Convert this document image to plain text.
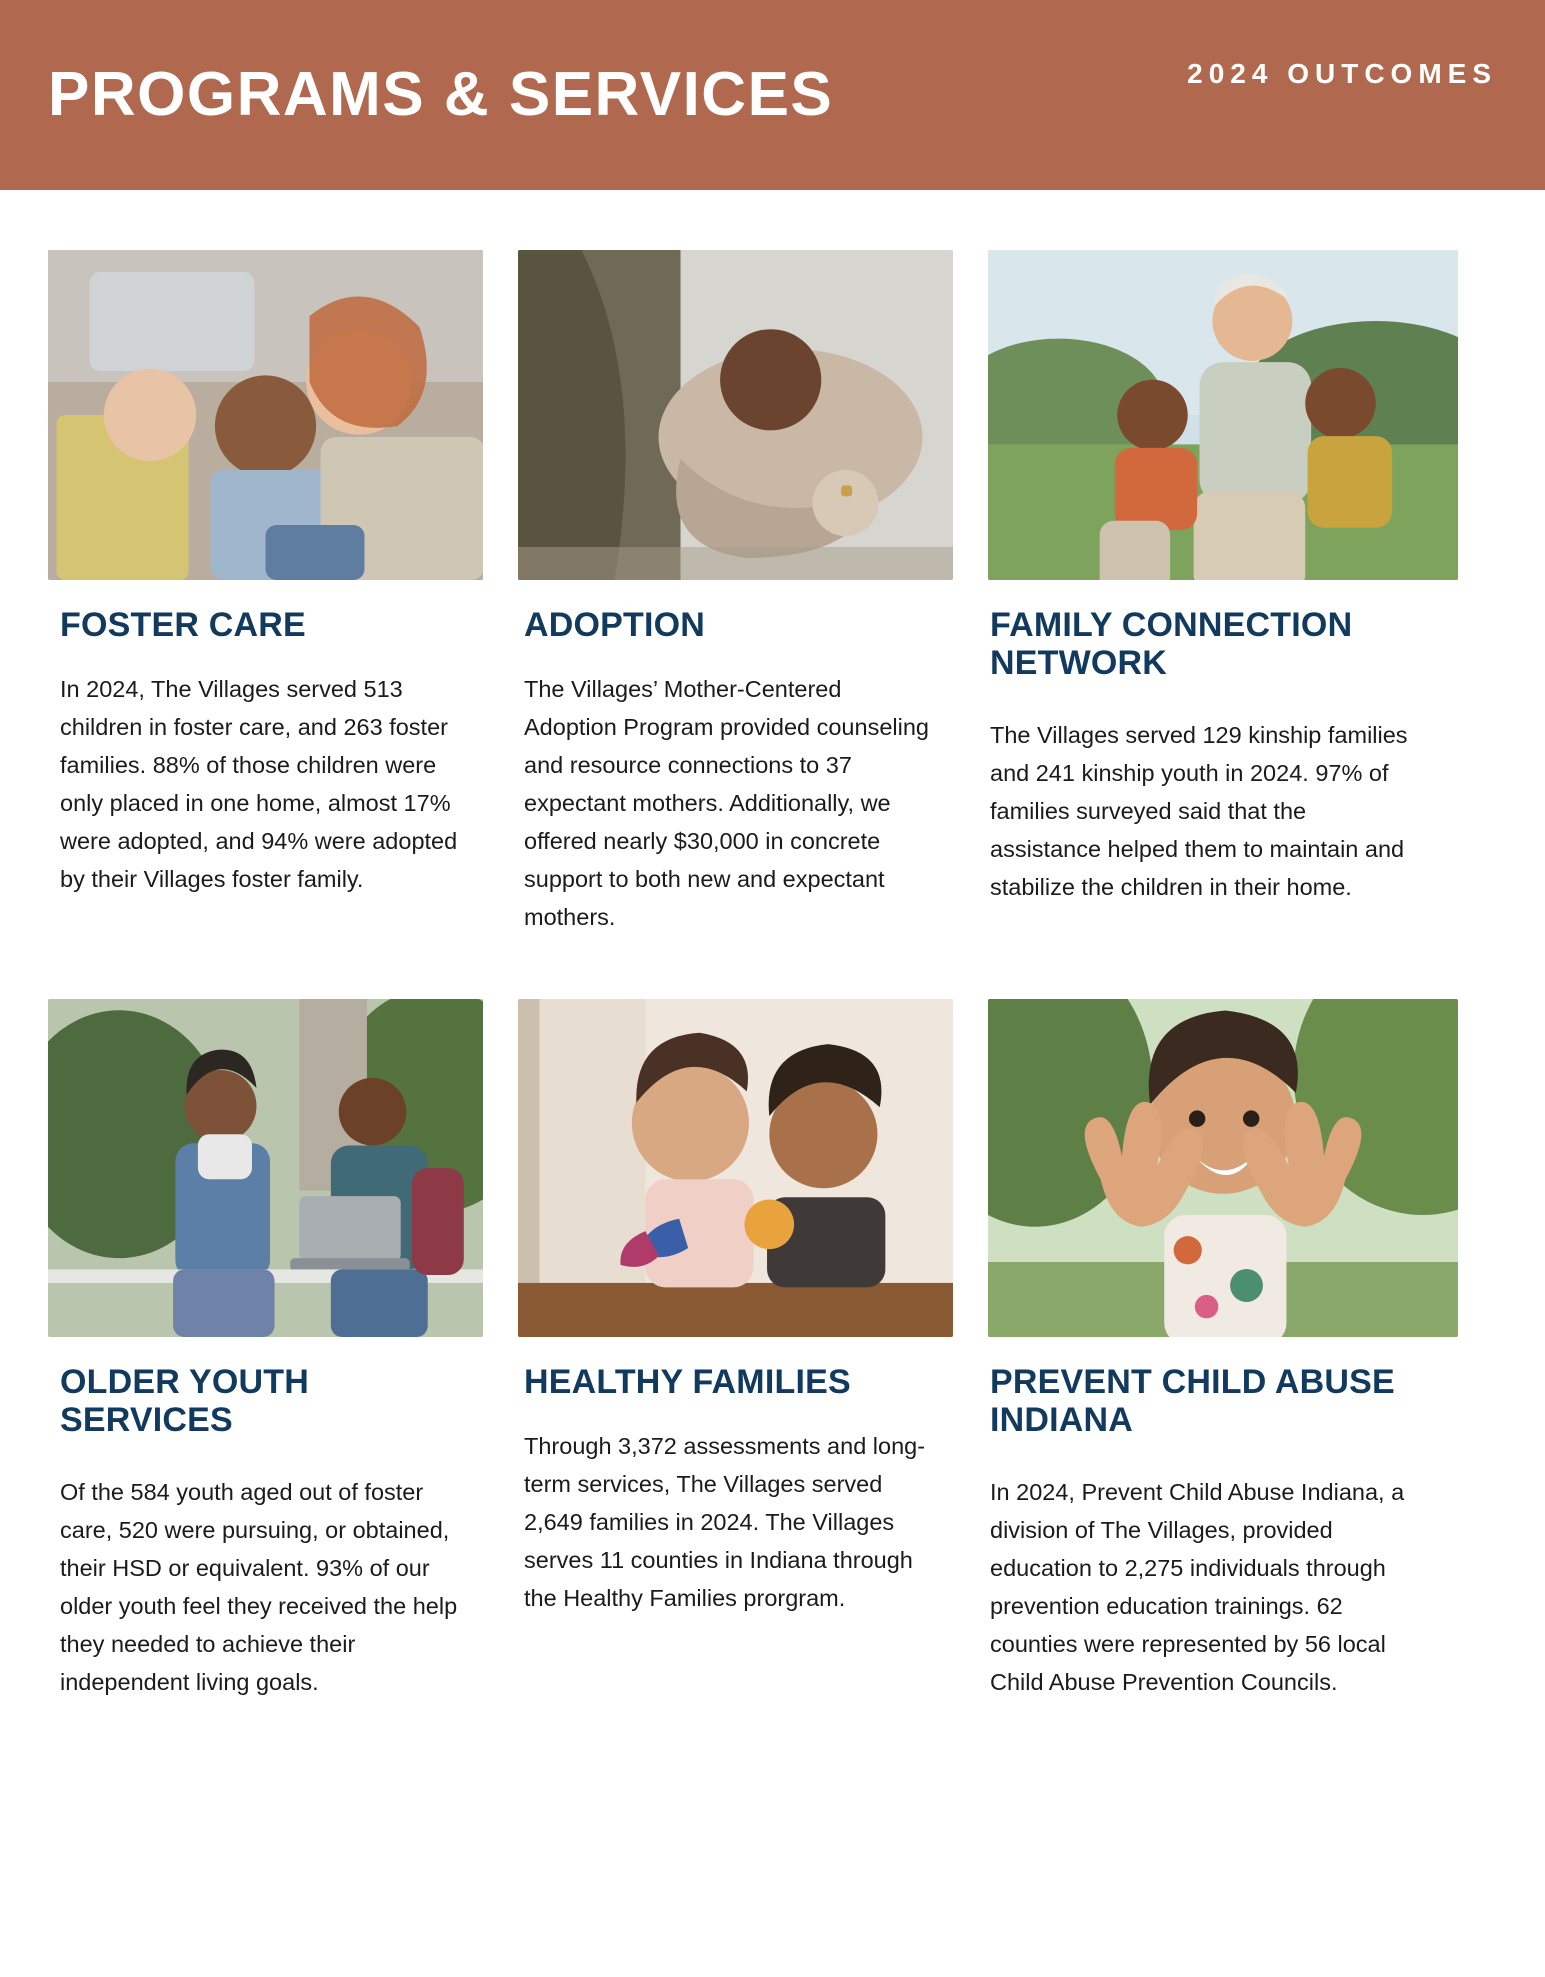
PROGRAMS & SERVICES	2024 OUTCOMES
FOSTER CARE
In 2024, The Villages served 513 children in foster care, and 263 foster families. 88% of those children were only placed in one home, almost 17% were adopted, and 94% were adopted by their Villages foster family.
ADOPTION
The Villages’ Mother-Centered Adoption Program provided counseling and resource connections to 37 expectant mothers. Additionally, we offered nearly $30,000 in concrete support to both new and expectant mothers.
FAMILY CONNECTION NETWORK
The Villages served 129 kinship families and 241 kinship youth in 2024. 97% of families surveyed said that the assistance helped them to maintain and stabilize the children in their home.
OLDER YOUTH SERVICES
Of the 584 youth aged out of foster care, 520 were pursuing, or obtained, their HSD or equivalent. 93% of our older youth feel they received the help they needed to achieve their independent living goals.
HEALTHY FAMILIES
Through 3,372 assessments and long-term services, The Villages served 2,649 families in 2024. The Villages serves 11 counties in Indiana through the Healthy Families prorgram.
PREVENT CHILD ABUSE INDIANA
In 2024, Prevent Child Abuse Indiana, a division of The Villages, provided education to 2,275 individuals through prevention education trainings. 62 counties were represented by 56 local Child Abuse Prevention Councils.
